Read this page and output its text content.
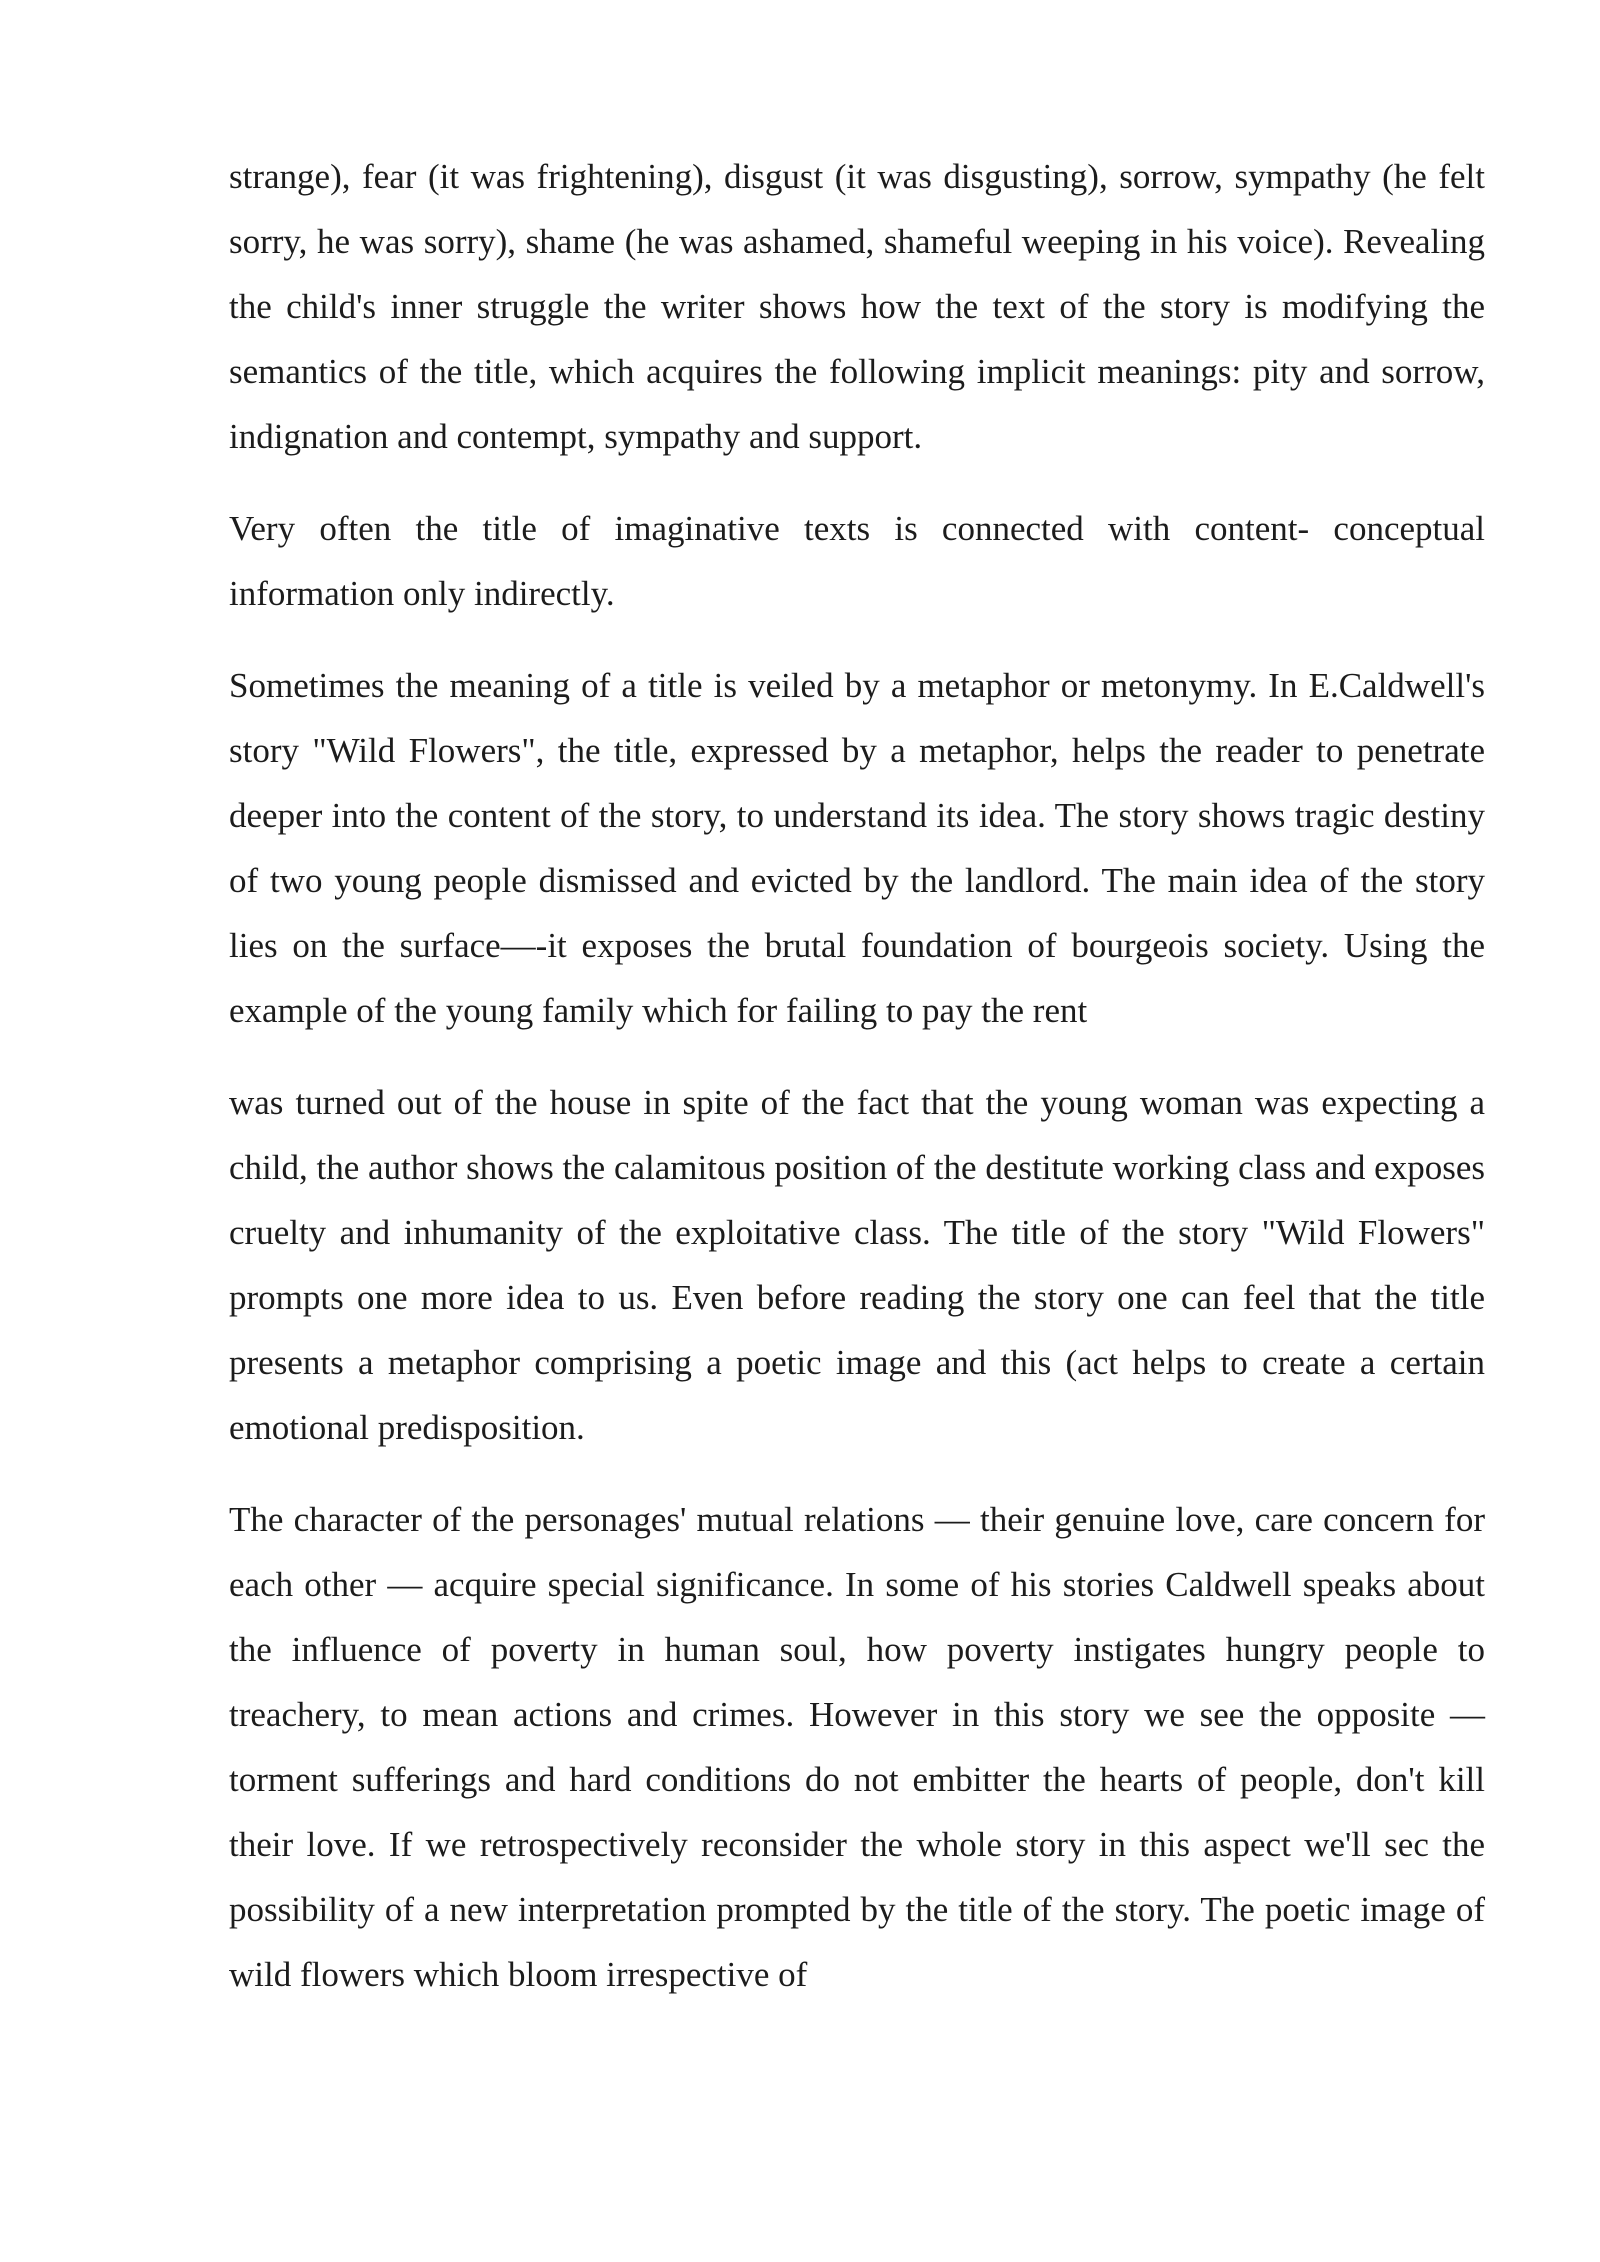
strange), fear (it was frightening), disgust (it was disgusting), sorrow, sympathy (he felt sorry, he was sorry), shame (he was ashamed, shameful weeping in his voice). Revealing the child's inner struggle the writer shows how the text of the story is modifying the semantics of the title, which acquires the following implicit meanings: pity and sorrow, indignation and contempt, sympathy and support.

Very often the title of imaginative texts is connected with content- conceptual information only indirectly.

Sometimes the meaning of a title is veiled by a metaphor or metonymy. In E.Caldwell's story "Wild Flowers", the title, expressed by a metaphor, helps the reader to penetrate deeper into the content of the story, to understand its idea. The story shows tragic destiny of two young people dismissed and evicted by the landlord. The main idea of the story lies on the surface—-it exposes the brutal foundation of bourgeois society. Using the example of the young family which for failing to pay the rent

was turned out of the house in spite of the fact that the young woman was expecting a child, the author shows the calamitous position of the destitute working class and exposes cruelty and inhumanity of the exploitative class. The title of the story "Wild Flowers" prompts one more idea to us. Even before reading the story one can feel that the title presents a metaphor comprising a poetic image and this (act helps to create a certain emotional predisposition.

The character of the personages' mutual relations — their genuine love, care concern for each other — acquire special significance. In some of his stories Caldwell speaks about the influence of poverty in human soul, how poverty instigates hungry people to treachery, to mean actions and crimes. However in this story we see the opposite —torment sufferings and hard conditions do not embitter the hearts of people, don't kill their love. If we retrospectively reconsider the whole story in this aspect we'll sec the possibility of a new interpretation prompted by the title of the story. The poetic image of wild flowers which bloom irrespective of
